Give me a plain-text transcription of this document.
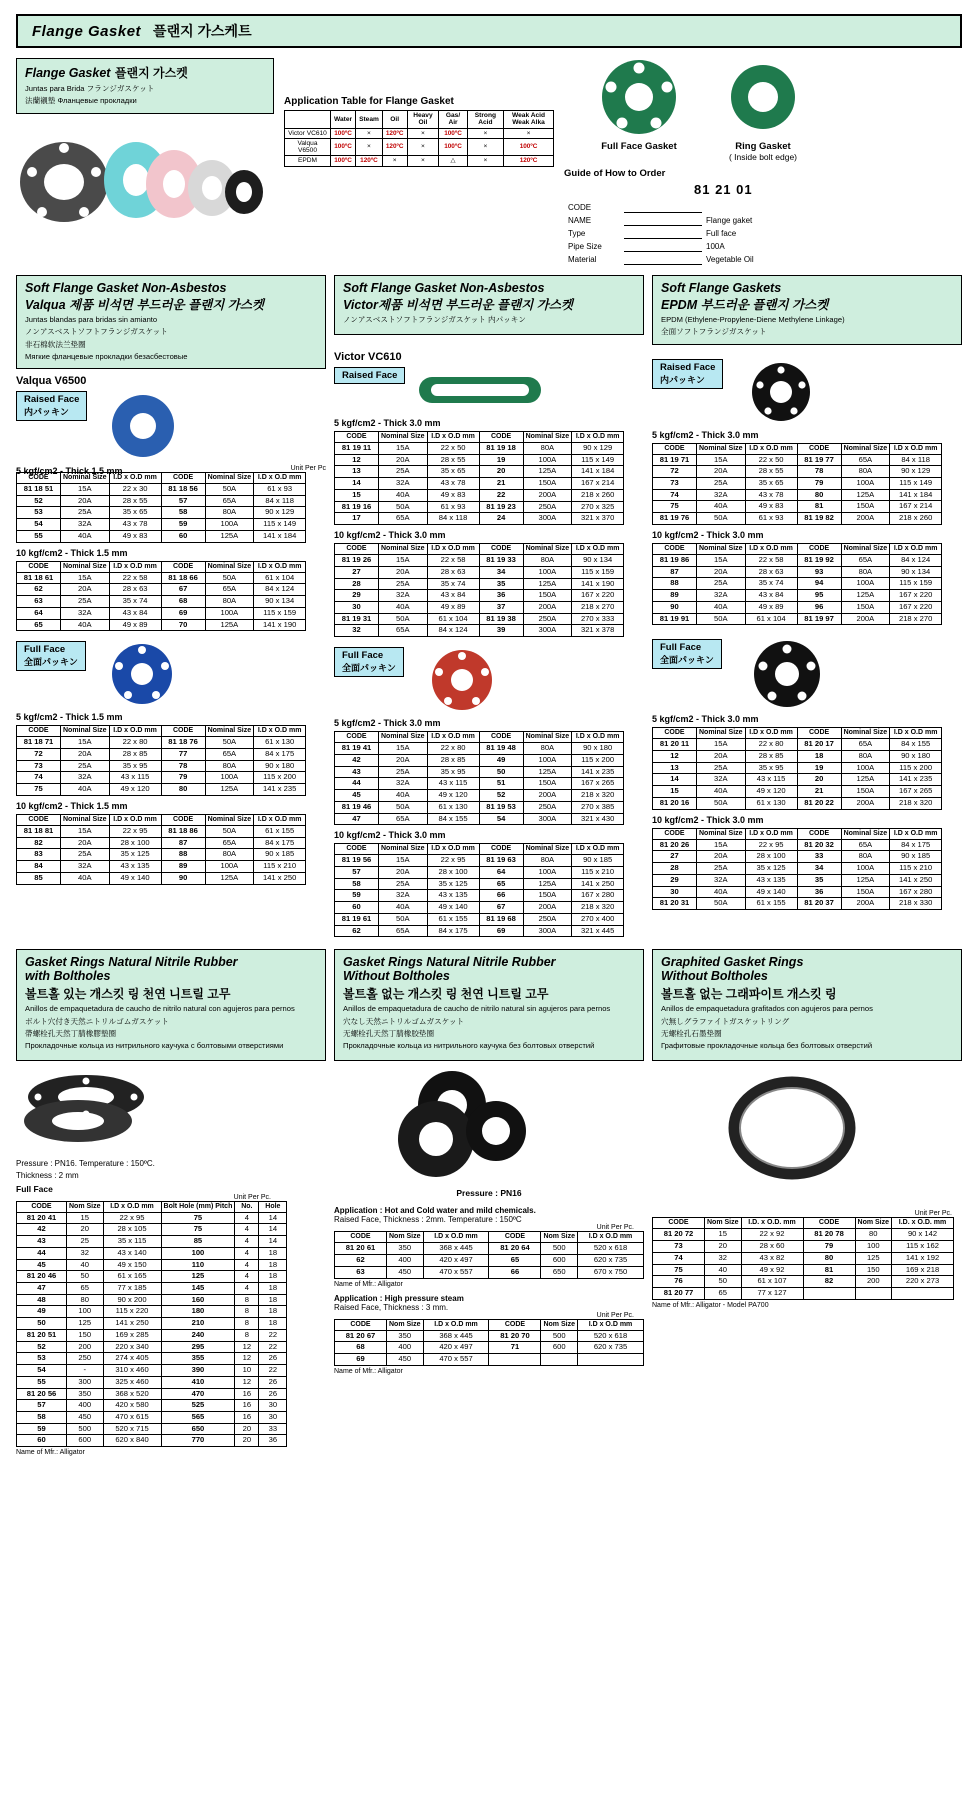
Flange Gasket 플랜지 가스케트
Flange Gasket 플랜지 가스켓
Juntas para Brida フランジガスケット
法蘭襯墊 Фланцевые прокладки	Application Table for Flange Gasket
	Water	Steam	Oil	Heavy Oil	Gas/ Air	Strong Acid	Weak Acid Weak Alka
Victor VC610	100ºC	×	120ºC	×	100ºC	×	×
Valqua V6500	100ºC	×	120ºC	×	100ºC	×	100ºC
EPDM	100ºC	120ºC	×	×	△	×	120ºC
Full Face Gasket	Ring Gasket
( Inside bolt edge)
Guide of How to Order
81 21 01
CODE		
NAME		Flange gaket
Type		Full face
Pipe Size		100A
Material		Vegetable Oil
Soft Flange Gasket Non-Asbestos
Valqua 제품 비석면 부드러운 플랜지 가스켓
Juntas blandas para bridas sin amianto
ノンアスベストソフトフランジガスケット
非石棉软法兰垫圈
Мягкие фланцевые прокладки безасбестовые
Valqua V6500
Raised Face
内パッキン
5 kgf/cm2 - Thick 1.5 mm	Unit Per Pc
CODE	Nominal Size	I.D x O.D mm	CODE	Nominal Size	I.D x O.D mm
81 18 51	15A	22 x 30	81 18 56	50A	61 x 93
52	20A	28 x 55	57	65A	84 x 118
53	25A	35 x 65	58	80A	90 x 129
54	32A	43 x 78	59	100A	115 x 149
55	40A	49 x 83	60	125A	141 x 184
10 kgf/cm2 - Thick 1.5 mm
CODE	Nominal Size	I.D x O.D mm	CODE	Nominal Size	I.D x O.D mm
81 18 61	15A	22 x 58	81 18 66	50A	61 x 104
62	20A	28 x 63	67	65A	84 x 124
63	25A	35 x 74	68	80A	90 x 134
64	32A	43 x 84	69	100A	115 x 159
65	40A	49 x 89	70	125A	141 x 190
Full Face
全面パッキン
5 kgf/cm2 - Thick 1.5 mm
CODE	Nominal Size	I.D x O.D mm	CODE	Nominal Size	I.D x O.D mm
81 18 71	15A	22 x 80	81 18 76	50A	61 x 130
72	20A	28 x 85	77	65A	84 x 175
73	25A	35 x 95	78	80A	90 x 180
74	32A	43 x 115	79	100A	115 x 200
75	40A	49 x 120	80	125A	141 x 235
10 kgf/cm2 - Thick 1.5 mm
CODE	Nominal Size	I.D x O.D mm	CODE	Nominal Size	I.D x O.D mm
81 18 81	15A	22 x 95	81 18 86	50A	61 x 155
82	20A	28 x 100	87	65A	84 x 175
83	25A	35 x 125	88	80A	90 x 185
84	32A	43 x 135	89	100A	115 x 210
85	40A	49 x 140	90	125A	141 x 250
Soft Flange Gasket Non-Asbestos
Victor제품 비석면 부드러운 플랜지 가스켓
ノンアスベストソフトフランジガスケット 内パッキン
Victor VC610
Raised Face
5 kgf/cm2 - Thick 3.0 mm
CODE	Nominal Size	I.D x O.D mm	CODE	Nominal Size	I.D x O.D mm
81 19 11	15A	22 x 50	81 19 18	80A	90 x 129
12	20A	28 x 55	19	100A	115 x 149
13	25A	35 x 65	20	125A	141 x 184
14	32A	43 x 78	21	150A	167 x 214
15	40A	49 x 83	22	200A	218 x 260
81 19 16	50A	61 x 93	81 19 23	250A	270 x 325
17	65A	84 x 118	24	300A	321 x 370
10 kgf/cm2 - Thick 3.0 mm
CODE	Nominal Size	I.D x O.D mm	CODE	Nominal Size	I.D x O.D mm
81 19 26	15A	22 x 58	81 19 33	80A	90 x 134
27	20A	28 x 63	34	100A	115 x 159
28	25A	35 x 74	35	125A	141 x 190
29	32A	43 x 84	36	150A	167 x 220
30	40A	49 x 89	37	200A	218 x 270
81 19 31	50A	61 x 104	81 19 38	250A	270 x 333
32	65A	84 x 124	39	300A	321 x 378
Full Face
全面パッキン
5 kgf/cm2 - Thick 3.0 mm
CODE	Nominal Size	I.D x O.D mm	CODE	Nominal Size	I.D x O.D mm
81 19 41	15A	22 x 80	81 19 48	80A	90 x 180
42	20A	28 x 85	49	100A	115 x 200
43	25A	35 x 95	50	125A	141 x 235
44	32A	43 x 115	51	150A	167 x 265
45	40A	49 x 120	52	200A	218 x 320
81 19 46	50A	61 x 130	81 19 53	250A	270 x 385
47	65A	84 x 155	54	300A	321 x 430
10 kgf/cm2 - Thick 3.0 mm
CODE	Nominal Size	I.D x O.D mm	CODE	Nominal Size	I.D x O.D mm
81 19 56	15A	22 x 95	81 19 63	80A	90 x 185
57	20A	28 x 100	64	100A	115 x 210
58	25A	35 x 125	65	125A	141 x 250
59	32A	43 x 135	66	150A	167 x 280
60	40A	49 x 140	67	200A	218 x 320
81 19 61	50A	61 x 155	81 19 68	250A	270 x 400
62	65A	84 x 175	69	300A	321 x 445
Soft Flange Gaskets
EPDM 부드러운 플랜지 가스켓
EPDM (Ethylene-Propylene-Diene Methylene Linkage)
全面ソフトフランジガスケット
Raised Face
内パッキン
5 kgf/cm2 - Thick 3.0 mm
CODE	Nominal Size	I.D x O.D mm	CODE	Nominal Size	I.D x O.D mm
81 19 71	15A	22 x 50	81 19 77	65A	84 x 118
72	20A	28 x 55	78	80A	90 x 129
73	25A	35 x 65	79	100A	115 x 149
74	32A	43 x 78	80	125A	141 x 184
75	40A	49 x 83	81	150A	167 x 214
81 19 76	50A	61 x 93	81 19 82	200A	218 x 260
10 kgf/cm2 - Thick 3.0 mm
CODE	Nominal Size	I.D x O.D mm	CODE	Nominal Size	I.D x O.D mm
81 19 86	15A	22 x 58	81 19 92	65A	84 x 124
87	20A	28 x 63	93	80A	90 x 134
88	25A	35 x 74	94	100A	115 x 159
89	32A	43 x 84	95	125A	167 x 220
90	40A	49 x 89	96	150A	167 x 220
81 19 91	50A	61 x 104	81 19 97	200A	218 x 270
Full Face
全面パッキン
5 kgf/cm2 - Thick 3.0 mm
CODE	Nominal Size	I.D x O.D mm	CODE	Nominal Size	I.D x O.D mm
81 20 11	15A	22 x 80	81 20 17	65A	84 x 155
12	20A	28 x 85	18	80A	90 x 180
13	25A	35 x 95	19	100A	115 x 200
14	32A	43 x 115	20	125A	141 x 235
15	40A	49 x 120	21	150A	167 x 265
81 20 16	50A	61 x 130	81 20 22	200A	218 x 320
10 kgf/cm2 - Thick 3.0 mm
CODE	Nominal Size	I.D x O.D mm	CODE	Nominal Size	I.D x O.D mm
81 20 26	15A	22 x 95	81 20 32	65A	84 x 175
27	20A	28 x 100	33	80A	90 x 185
28	25A	35 x 125	34	100A	115 x 210
29	32A	43 x 135	35	125A	141 x 250
30	40A	49 x 140	36	150A	167 x 280
81 20 31	50A	61 x 155	81 20 37	200A	218 x 330
Gasket Rings Natural Nitrile Rubber
with Boltholes
볼트홀 있는 개스킷 링 천연 니트릴 고무
Anillos de empaquetadura de caucho de nitrilo natural con agujeros para pernos
ボルト穴付き天然ニトリルゴムガスケット
帶螺栓孔天然丁腈橡膠墊圈
Прокладочные кольца из нитрильного каучука с болтовыми отверстиями
Pressure : PN16. Temperature : 150ºC.
Thickness : 2 mm
Full Face
Unit Per Pc.
CODE	Nom Size	I.D x O.D mm	Bolt Hole (mm) Pitch	No.	Hole
81 20 41	15	22 x 95	75	4	14
42	20	28 x 105	75	4	14
43	25	35 x 115	85	4	14
44	32	43 x 140	100	4	18
45	40	49 x 150	110	4	18
81 20 46	50	61 x 165	125	4	18
47	65	77 x 185	145	4	18
48	80	90 x 200	160	8	18
49	100	115 x 220	180	8	18
50	125	141 x 250	210	8	18
81 20 51	150	169 x 285	240	8	22
52	200	220 x 340	295	12	22
53	250	274 x 405	355	12	26
54	-	310 x 460	390	10	22
55	300	325 x 460	410	12	26
81 20 56	350	368 x 520	470	16	26
57	400	420 x 580	525	16	30
58	450	470 x 615	565	16	30
59	500	520 x 715	650	20	33
60	600	620 x 840	770	20	36
Name of Mfr.: Alligator
Gasket Rings Natural Nitrile Rubber
Without Boltholes
볼트홀 없는 개스킷 링 천연 니트릴 고무
Anillos de empaquetadura de caucho de nitrilo natural sin agujeros para pernos
穴なし天然ニトリルゴムガスケット
无螺栓孔天然丁腈橡胶垫圈
Прокладочные кольца из нитрильного каучука без болтовых отверстий
Pressure : PN16
Application : Hot and Cold water and mild chemicals.
Raised Face, Thickness : 2mm. Temperature : 150ºC
Unit Per Pc.
CODE	Nom Size	I.D x O.D mm	CODE	Nom Size	I.D x O.D mm
81 20 61	350	368 x 445	81 20 64	500	520 x 618
62	400	420 x 497	65	600	620 x 735
63	450	470 x 557	66	650	670 x 750
Name of Mfr.: Alligator
Application : High pressure steam
Raised Face, Thickness : 3 mm.
Unit Per Pc.
CODE	Nom Size	I.D x O.D mm	CODE	Nom Size	I.D x O.D mm
81 20 67	350	368 x 445	81 20 70	500	520 x 618
68	400	420 x 497	71	600	620 x 735
69	450	470 x 557			
Name of Mfr.: Alligator
Graphited Gasket Rings
Without Boltholes
볼트홀 없는 그래파이트 개스킷 링
Anillos de empaquetadura grafitados con agujeros para pernos
穴無しグラファイトガスケットリング
无螺栓孔石墨垫圈
Графитовые прокладочные кольца без болтовых отверстий
Unit Per Pc.
CODE	Nom Size	I.D. x O.D. mm	CODE	Nom Size	I.D. x O.D. mm
81 20 72	15	22 x 92	81 20 78	80	90 x 142
73	20	28 x 60	79	100	115 x 162
74	32	43 x 82	80	125	141 x 192
75	40	49 x 92	81	150	169 x 218
76	50	61 x 107	82	200	220 x 273
81 20 77	65	77 x 127			
Name of Mfr.: Alligator - Model PA700
